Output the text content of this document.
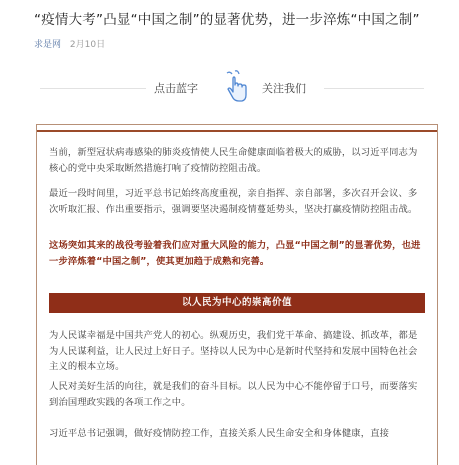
“疫情大考”凸显“中国之制”的显著优势，进一步淬炼“中国之制”
求是网 2月10日
点击蓝字	关注我们
当前，新型冠状病毒感染的肺炎疫情使人民生命健康面临着极大的威胁，以习近平同志为核心的党中央采取断然措施打响了疫情防控阻击战。
最近一段时间里，习近平总书记始终高度重视，亲自指挥、亲自部署，多次召开会议、多次听取汇报、作出重要指示，强调要坚决遏制疫情蔓延势头，坚决打赢疫情防控阻击战。
这场突如其来的战役考验着我们应对重大风险的能力，凸显“中国之制”的显著优势，也进一步淬炼着“中国之制”，使其更加趋于成熟和完善。
以人民为中心的崇高价值
为人民谋幸福是中国共产党人的初心。纵观历史，我们党干革命、搞建设、抓改革，都是为人民谋利益，让人民过上好日子。坚持以人民为中心是新时代坚持和发展中国特色社会主义的根本立场。
人民对美好生活的向往，就是我们的奋斗目标。以人民为中心不能停留于口号，而要落实到治国理政实践的各项工作之中。
习近平总书记强调，做好疫情防控工作，直接关系人民生命安全和身体健康，直接
